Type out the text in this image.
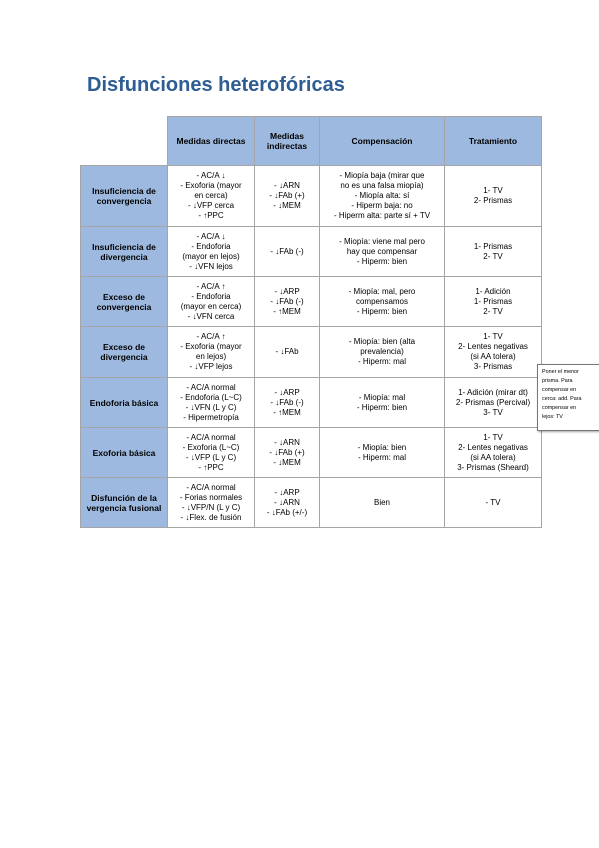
Disfunciones heterofóricas
	Medidas directas	Medidas indirectas	Compensación	Tratamiento
Insuficiencia de convergencia	- AC/A ↓
- Exoforia (mayor
en cerca)
- ↓VFP cerca
- ↑PPC	- ↓ARN
- ↓FAb (+)
- ↓MEM	- Miopía baja (mirar que
no es una falsa miopía)
- Miopía alta: sí
- Hiperm baja: no
- Hiperm alta: parte sí + TV	1- TV
2- Prismas

Insuficiencia de divergencia	- AC/A ↓
- Endoforia
(mayor en lejos)
- ↓VFN lejos	- ↓FAb (-)	- Miopía: viene mal pero
hay que compensar
- Hiperm: bien	1- Prismas
2- TV

Exceso de convergencia	- AC/A ↑
- Endoforia
(mayor en cerca)
- ↓VFN cerca	- ↓ARP
- ↓FAb (-)
- ↑MEM	- Miopía: mal, pero
compensamos
- Hiperm: bien	1- Adición
1- Prismas
2- TV

Exceso de divergencia	- AC/A ↑
- Exoforia (mayor
en lejos)
- ↓VFP lejos	- ↓FAb	- Miopía: bien (alta
prevalencia)
- Hiperm: mal	1- TV
2- Lentes negativas
(si AA tolera)
3- Prismas

Endoforia básica	- AC/A normal
- Endoforia (L~C)
- ↓VFN (L y C)
- Hipermetropía	- ↓ARP
- ↓FAb (-)
- ↑MEM	- Miopía: mal
- Hiperm: bien	1- Adición (mirar dt)
2- Prismas (Percival)
3- TV

Exoforia básica	- AC/A normal
- Exoforia (L~C)
- ↓VFP (L y C)
- ↑PPC	- ↓ARN
- ↓FAb (+)
- ↓MEM	- Miopía: bien
- Hiperm: mal	1- TV
2- Lentes negativas
(si AA tolera)
3- Prismas (Sheard)

Disfunción de la vergencia fusional	- AC/A normal
- Forias normales
- ↓VFP/N (L y C)
- ↓Flex. de fusión	- ↓ARP
- ↓ARN
- ↓FAb (+/-)	Bien	- TV
Poner el menor
prisma. Para
compensar en
cerca: add. Para
compensar en
lejos: TV
